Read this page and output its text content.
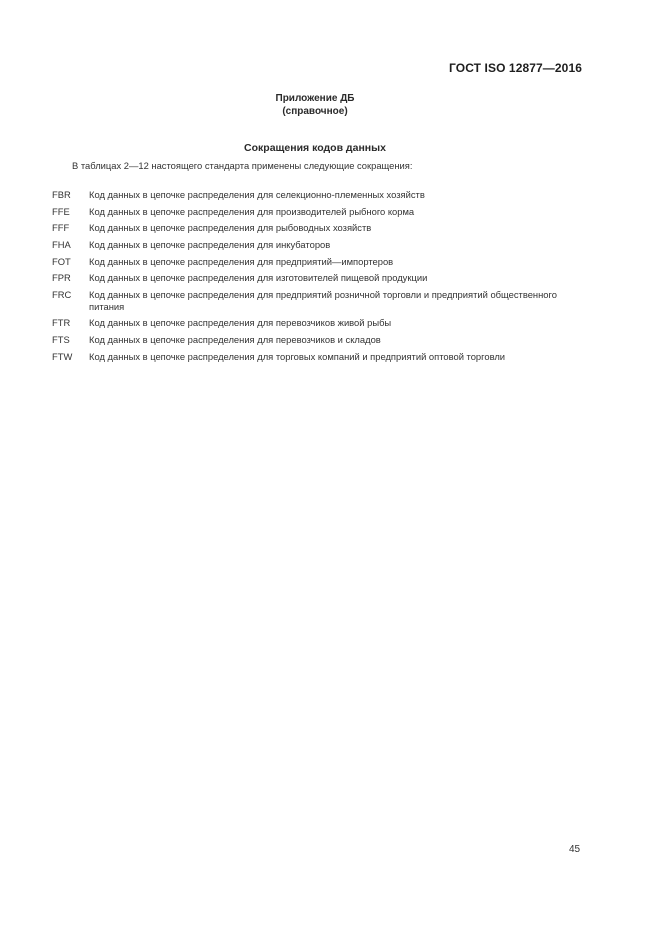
ГОСТ ISO 12877—2016
Приложение ДБ
(справочное)
Сокращения кодов данных
В таблицах 2—12 настоящего стандарта применены следующие сокращения:
FBR	Код данных в цепочке распределения для селекционно-племенных хозяйств
FFE	Код данных в цепочке распределения для производителей рыбного корма
FFF	Код данных в цепочке распределения для рыбоводных хозяйств
FHA	Код данных в цепочке распределения для инкубаторов
FOT	Код данных в цепочке распределения для предприятий—импортеров
FPR	Код данных в цепочке распределения для изготовителей пищевой продукции
FRC	Код данных в цепочке распределения для предприятий розничной торговли и предприятий общественного питания
FTR	Код данных в цепочке распределения для перевозчиков живой рыбы
FTS	Код данных в цепочке распределения для перевозчиков и складов
FTW	Код данных в цепочке распределения для торговых компаний и предприятий оптовой торговли
45
